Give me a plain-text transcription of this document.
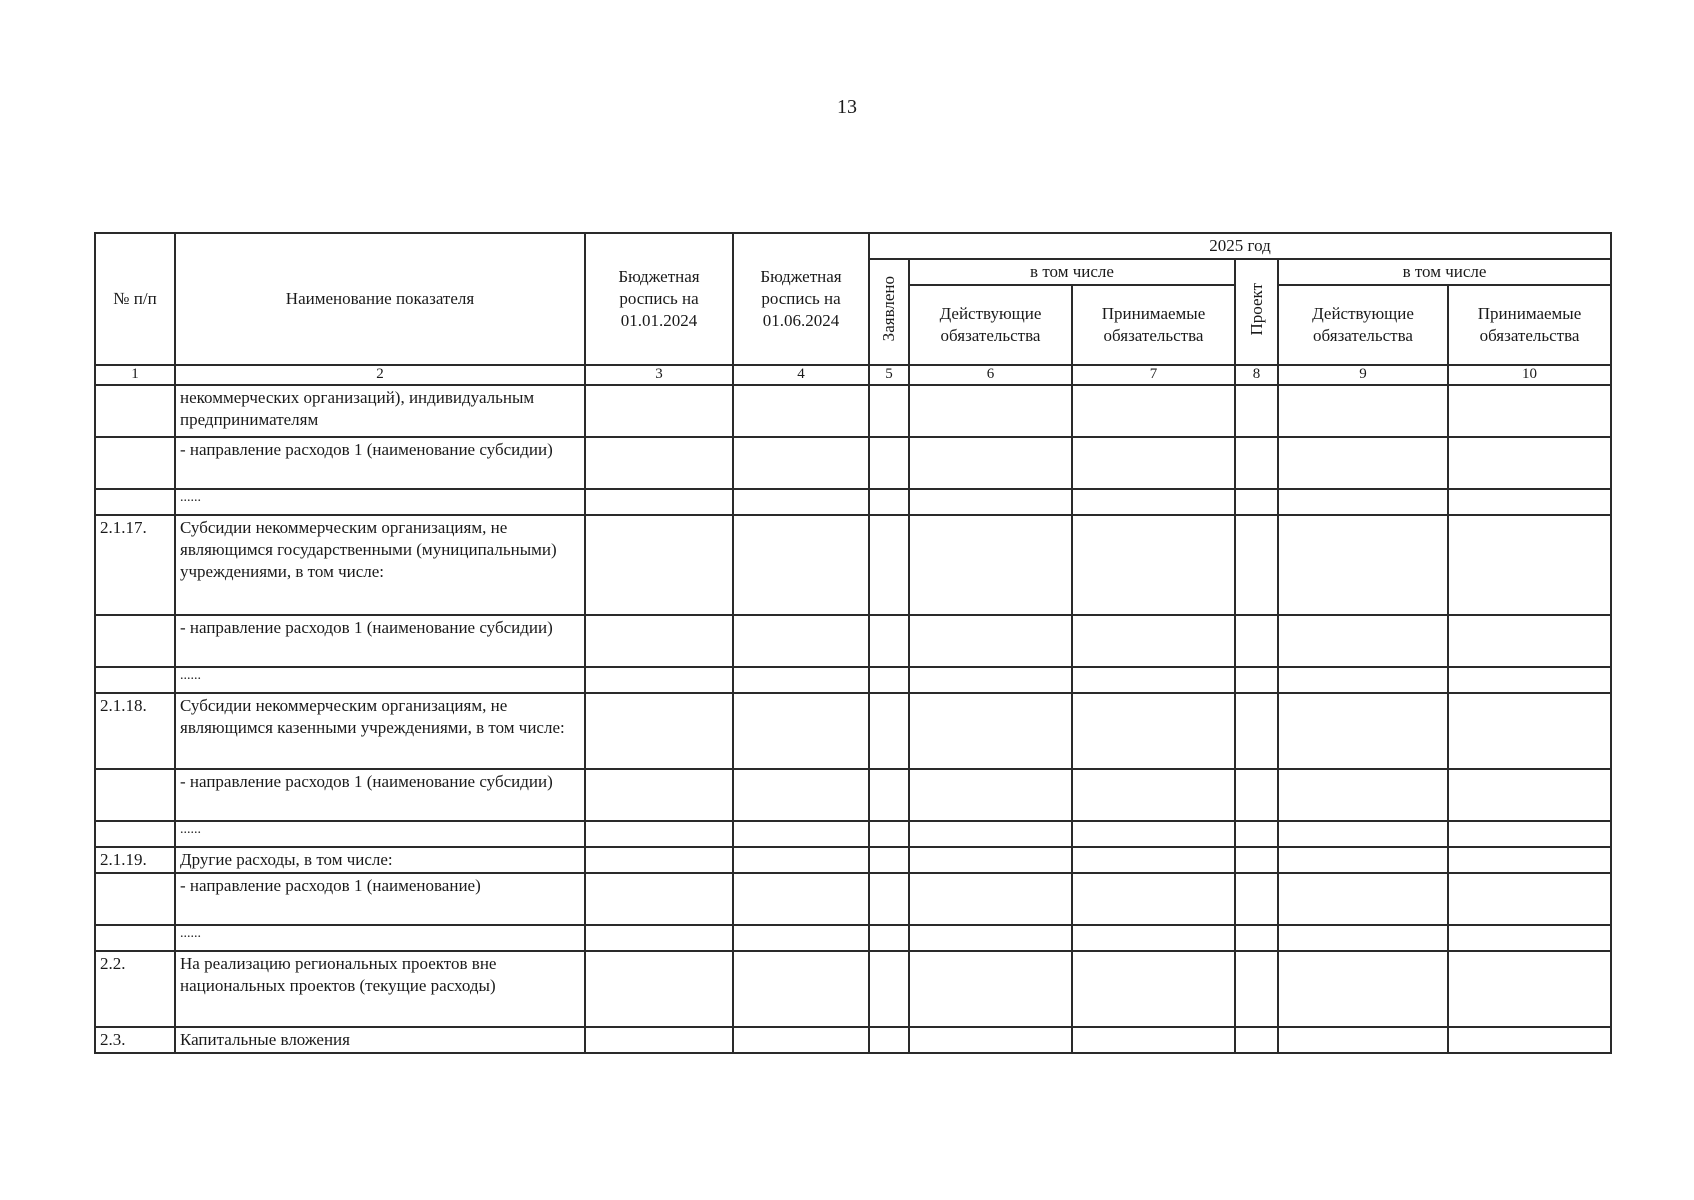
13
№ п/п	Наименование показателя	Бюджетная роспись на 01.01.2024	Бюджетная роспись на 01.06.2024	2025 год					
				Заявлено	в том числе		Проект	в том числе	
					Действующие обязательства	Принимаемые обязательства		Действующие обязательства	Принимаемые обязательства
1	2	3	4	5	6	7	8	9	10
	некоммерческих организаций), индивидуальным предпринимателям								
	- направление расходов 1 (наименование субсидии)								
	......								
2.1.17.	Субсидии некоммерческим организациям, не являющимся государственными (муниципальными) учреждениями, в том числе:								
	- направление расходов 1 (наименование субсидии)								
	......								
2.1.18.	Субсидии некоммерческим организациям, не являющимся казенными учреждениями, в том числе:								
	- направление расходов 1 (наименование субсидии)								
	......								
2.1.19.	Другие расходы, в том числе:								
	- направление расходов 1 (наименование)								
	......								
2.2.	На реализацию региональных проектов вне национальных проектов (текущие расходы)								
2.3.	Капитальные вложения								
